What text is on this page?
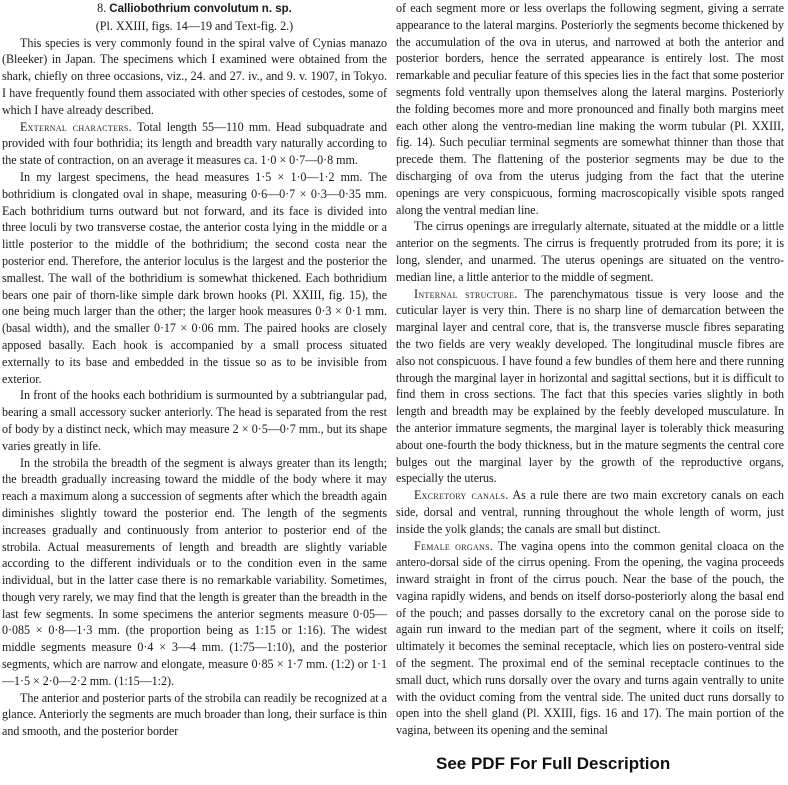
8. Calliobothrium convolutum n. sp.
(Pl. XXIII, figs. 14—19 and Text-fig. 2.)

This species is very commonly found in the spiral valve of Cynias manazo (Bleeker) in Japan. The specimens which I examined were obtained from the shark, chiefly on three occasions, viz., 24. and 27. iv., and 9. v. 1907, in Tokyo. I have frequently found them associated with other species of cestodes, some of which I have already described.

External characters. Total length 55—110 mm. Head subquadrate and provided with four bothridia; its length and breadth vary naturally according to the state of contraction, on an average it measures ca. 1·0 × 0·7—0·8 mm.

In my largest specimens, the head measures 1·5 × 1·0—1·2 mm. The bothridium is clongated oval in shape, measuring 0·6—0·7 × 0·3—0·35 mm. Each bothridium turns outward but not forward, and its face is divided into three loculi by two transverse costae, the anterior costa lying in the middle or a little posterior to the middle of the bothridium; the second costa near the posterior end. Therefore, the anterior loculus is the largest and the posterior the smallest. The wall of the bothridium is somewhat thickened. Each bothridium bears one pair of thorn-like simple dark brown hooks (Pl. XXIII, fig. 15), the one being much larger than the other; the larger hook measures 0·3 × 0·1 mm. (basal width), and the smaller 0·17 × 0·06 mm. The paired hooks are closely apposed basally. Each hook is accompanied by a small process situated externally to its base and embedded in the tissue so as to be invisible from exterior.

In front of the hooks each bothridium is surmounted by a subtriangular pad, bearing a small accessory sucker anteriorly. The head is separated from the rest of body by a distinct neck, which may measure 2 × 0·5—0·7 mm., but its shape varies greatly in life.

In the strobila the breadth of the segment is always greater than its length; the breadth gradually increasing toward the middle of the body where it may reach a maximum along a succession of segments after which the breadth again diminishes slightly toward the posterior end. The length of the segments increases gradually and continuously from anterior to posterior end of the strobila. Actual measurements of length and breadth are slightly variable according to the different individuals or to the condition even in the same individual, but in the latter case there is no remarkable variability. Sometimes, though very rarely, we may find that the length is greater than the breadth in the last few segments. In some specimens the anterior segments measure 0·05—0·085 × 0·8—1·3 mm. (the proportion being as 1:15 or 1:16). The widest middle segments measure 0·4 × 3—4 mm. (1:75—1:10), and the posterior segments, which are narrow and elongate, measure 0·85 × 1·7 mm. (1:2) or 1·1—1·5 × 2·0—2·2 mm. (1:15—1:2).

The anterior and posterior parts of the strobila can readily be recognized at a glance. Anteriorly the segments are much broader than long, their surface is thin and smooth, and the posterior border

of each segment more or less overlaps the following segment, giving a serrate appearance to the lateral margins. Posteriorly the segments become thickened by the accumulation of the ova in uterus, and narrowed at both the anterior and posterior borders, hence the serrated appearance is entirely lost. The most remarkable and peculiar feature of this species lies in the fact that some posterior segments fold ventrally upon themselves along the lateral margins. Posteriorly the folding becomes more and more pronounced and finally both margins meet each other along the ventro-median line making the worm tubular (Pl. XXIII, fig. 14). Such peculiar terminal segments are somewhat thinner than those that precede them. The flattening of the posterior segments may be due to the discharging of ova from the uterus judging from the fact that the uterine openings are very conspicuous, forming macroscopically visible spots ranged along the ventral median line.

The cirrus openings are irregularly alternate, situated at the middle or a little anterior on the segments. The cirrus is frequently protruded from its pore; it is long, slender, and unarmed. The uterus openings are situated on the ventro-median line, a little anterior to the middle of segment.

Internal structure. The parenchymatous tissue is very loose and the cuticular layer is very thin. There is no sharp line of demarcation between the marginal layer and central core, that is, the transverse muscle fibres separating the two fields are very weakly developed. The longitudinal muscle fibres are also not conspicuous. I have found a few bundles of them here and there running through the marginal layer in horizontal and sagittal sections, but it is difficult to find them in cross sections. The fact that this species varies slightly in both length and breadth may be explained by the feebly developed musculature. In the anterior immature segments, the marginal layer is tolerably thick measuring about one-fourth the body thickness, but in the mature segments the central core bulges out the marginal layer by the growth of the reproductive organs, especially the uterus.

Excretory canals. As a rule there are two main excretory canals on each side, dorsal and ventral, running throughout the whole length of worm, just inside the yolk glands; the canals are small but distinct.

Female organs. The vagina opens into the common genital cloaca on the antero-dorsal side of the cirrus opening. From the opening, the vagina proceeds inward straight in front of the cirrus pouch. Near the base of the pouch, the vagina rapidly widens, and bends on itself dorso-posteriorly along the basal end of the pouch; and passes dorsally to the excretory canal on the porose side to again run inward to the median part of the segment, where it coils on itself; ultimately it becomes the seminal receptacle, which lies on postero-ventral side of the segment. The proximal end of the seminal receptacle continues to the small duct, which runs dorsally over the ovary and turns again ventrally to unite with the oviduct coming from the ventral side. The united duct runs dorsally to open into the shell gland (Pl. XXIII, figs. 16 and 17). The main portion of the vagina, between its opening and the seminal

See PDF For Full Description
